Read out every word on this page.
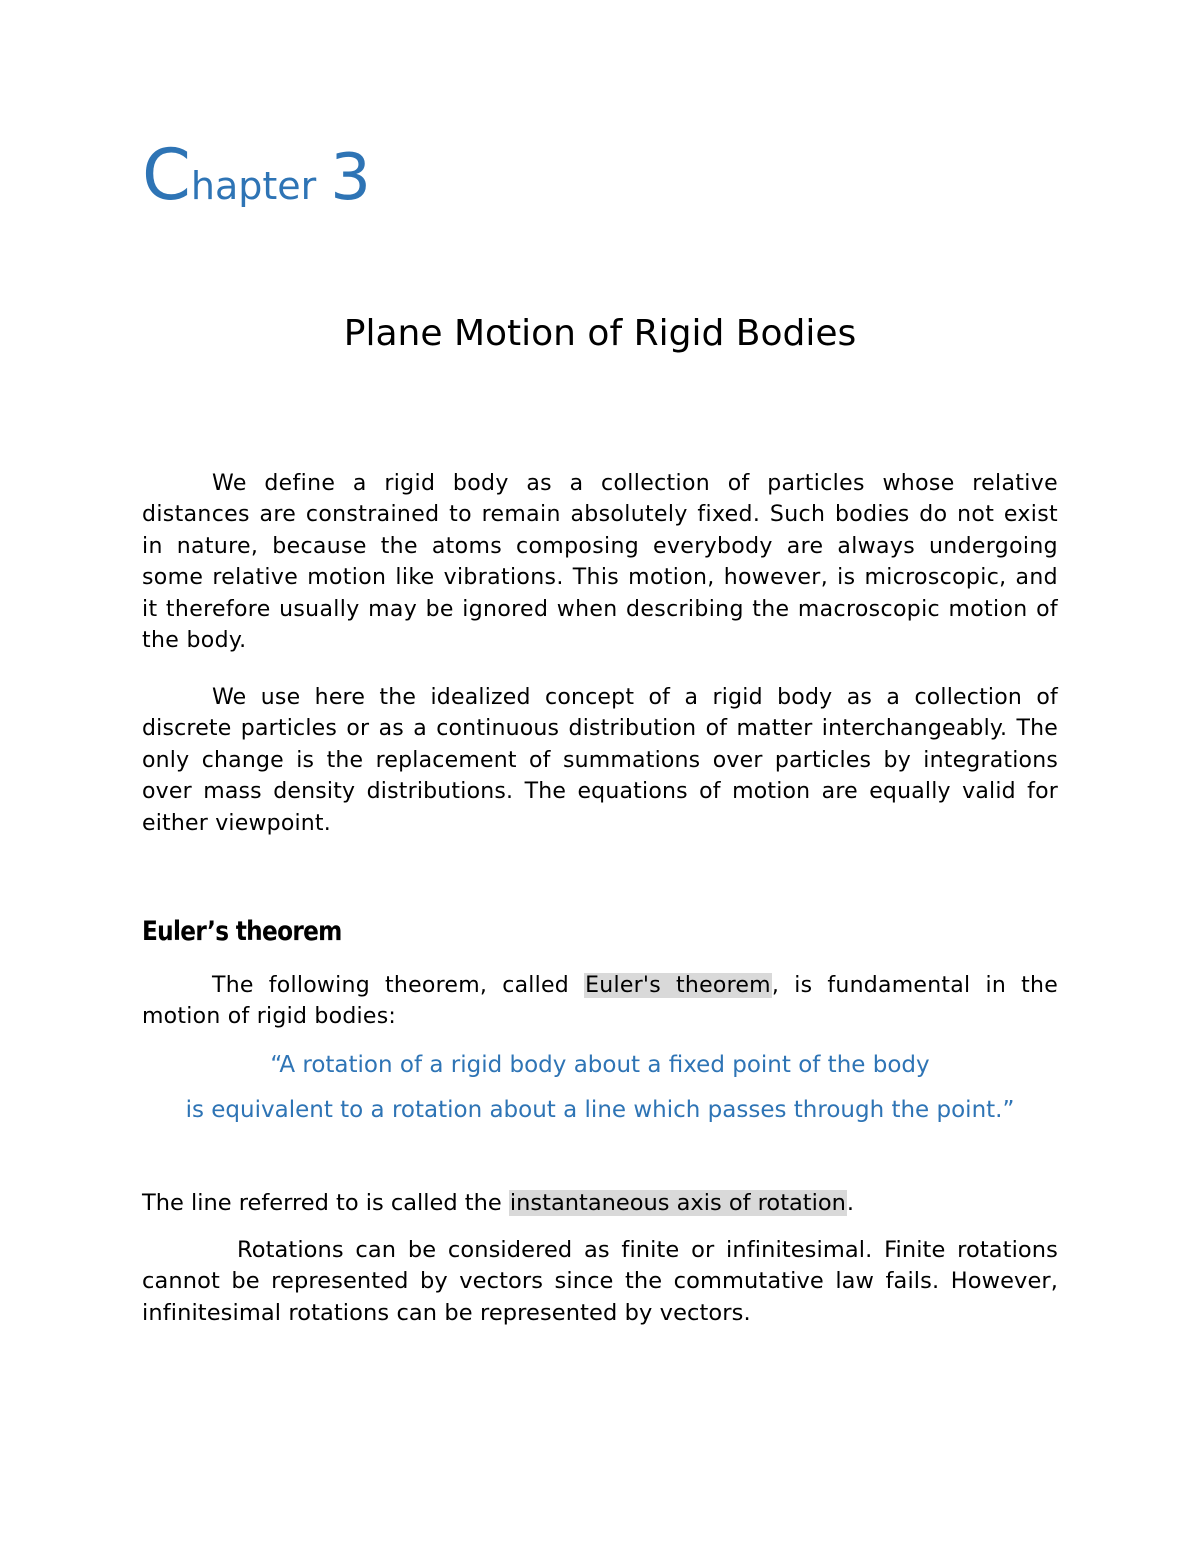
Chapter 3
Plane Motion of Rigid Bodies

We define a rigid body as a collection of particles whose relative distances are constrained to remain absolutely fixed. Such bodies do not exist in nature, because the atoms composing everybody are always undergoing some relative motion like vibrations. This motion, however, is microscopic, and it therefore usually may be ignored when describing the macroscopic motion of the body.

We use here the idealized concept of a rigid body as a collection of discrete particles or as a continuous distribution of matter interchangeably. The only change is the replacement of summations over particles by integrations over mass density distributions. The equations of motion are equally valid for either viewpoint.

Euler’s theorem

The following theorem, called Euler's theorem, is fundamental in the motion of rigid bodies:

“A rotation of a rigid body about a fixed point of the body
is equivalent to a rotation about a line which passes through the point.”
The line referred to is called the instantaneous axis of rotation.

Rotations can be considered as finite or infinitesimal. Finite rotations cannot be represented by vectors since the commutative law fails. However, infinitesimal rotations can be represented by vectors.
